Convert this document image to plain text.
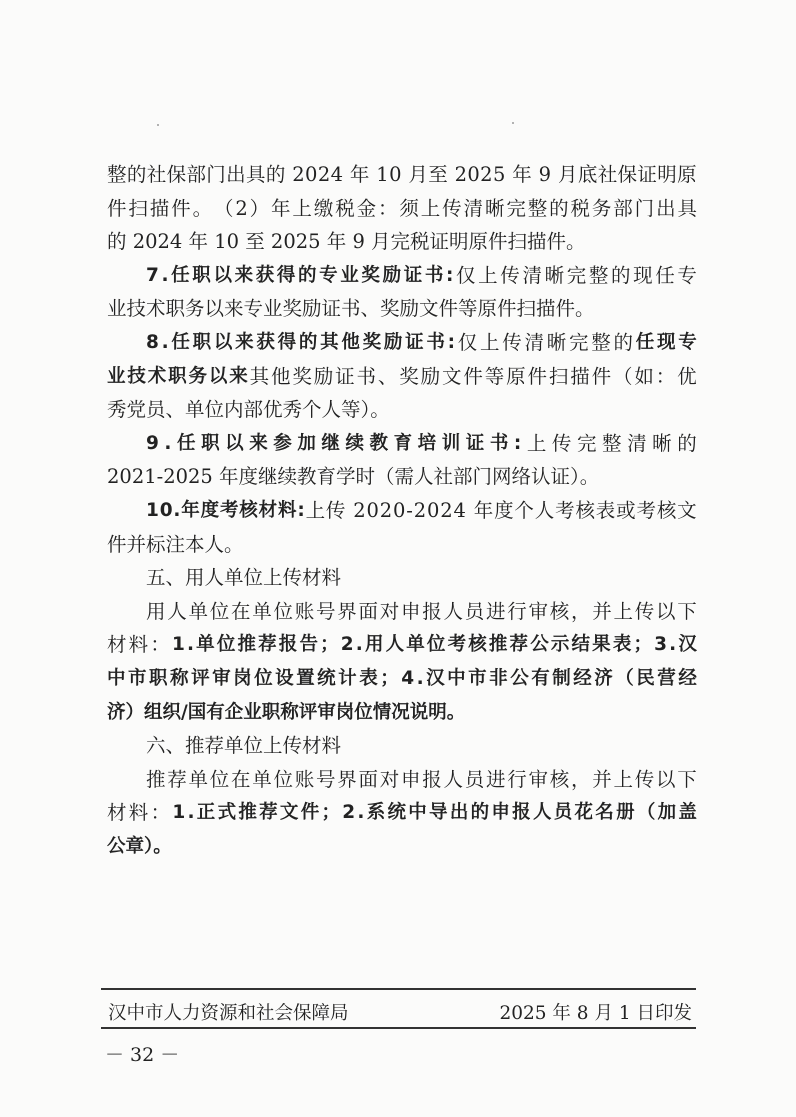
整 的 社 保 部 门 出 具 的
2 0 2 4
年
1 0
月 至
2 0 2 5
年
9
月 底 社 保 证 明 原
件 扫 描 件 。 （ 2 ） 年 上 缴 税 金 ： 须 上 传 清 晰 完 整 的 税 务 部 门 出 具
的 2024 年 10 至 2025 年 9 月完税证明原件扫描件。
7 . 任 职 以 来 获 得 的 专 业 奖 励 证 书 : 仅 上 传 清 晰 完 整 的 现 任 专
业技术职务以来专业奖励证书、奖励文件等原件扫描件。
8 . 任 职 以 来 获 得 的 其 他 奖 励 证 书 : 仅 上 传 清 晰 完 整 的 任 现 专
业 技 术 职 务 以 来 其 他 奖 励 证 书 、 奖 励 文 件 等 原 件 扫 描 件 （ 如 ： 优
秀党员、单位内部优秀个人等）。
9 . 任 职 以 来 参 加 继 续 教 育 培 训 证 书 : 上 传 完 整 清 晰 的
2021-2025 年度继续教育学时（需人社部门网络认证）。
1 0 . 年 度 考 核 材 料 : 上 传
2 0 2 0 - 2 0 2 4
年 度 个 人 考 核 表 或 考 核 文
件并标注本人。
五、用人单位上传材料
用 人 单 位 在 单 位 账 号 界 面 对 申 报 人 员 进 行 审 核 ， 并 上 传 以 下
材 料 ： 1 . 单 位 推 荐 报 告 ； 2 . 用 人 单 位 考 核 推 荐 公 示 结 果 表 ； 3 . 汉
中 市 职 称 评 审 岗 位 设 置 统 计 表 ； 4 . 汉 中 市 非 公 有 制 经 济 （ 民 营 经
济）组织/国有企业职称评审岗位情况说明。
六、推荐单位上传材料
推 荐 单 位 在 单 位 账 号 界 面 对 申 报 人 员 进 行 审 核 ， 并 上 传 以 下
材 料 ： 1 . 正 式 推 荐 文 件 ； 2 . 系 统 中 导 出 的 申 报 人 员 花 名 册 （ 加 盖
公章）。
汉中市人力资源和社会保障局	2025 年 8 月 1 日印发
－ 32 －
